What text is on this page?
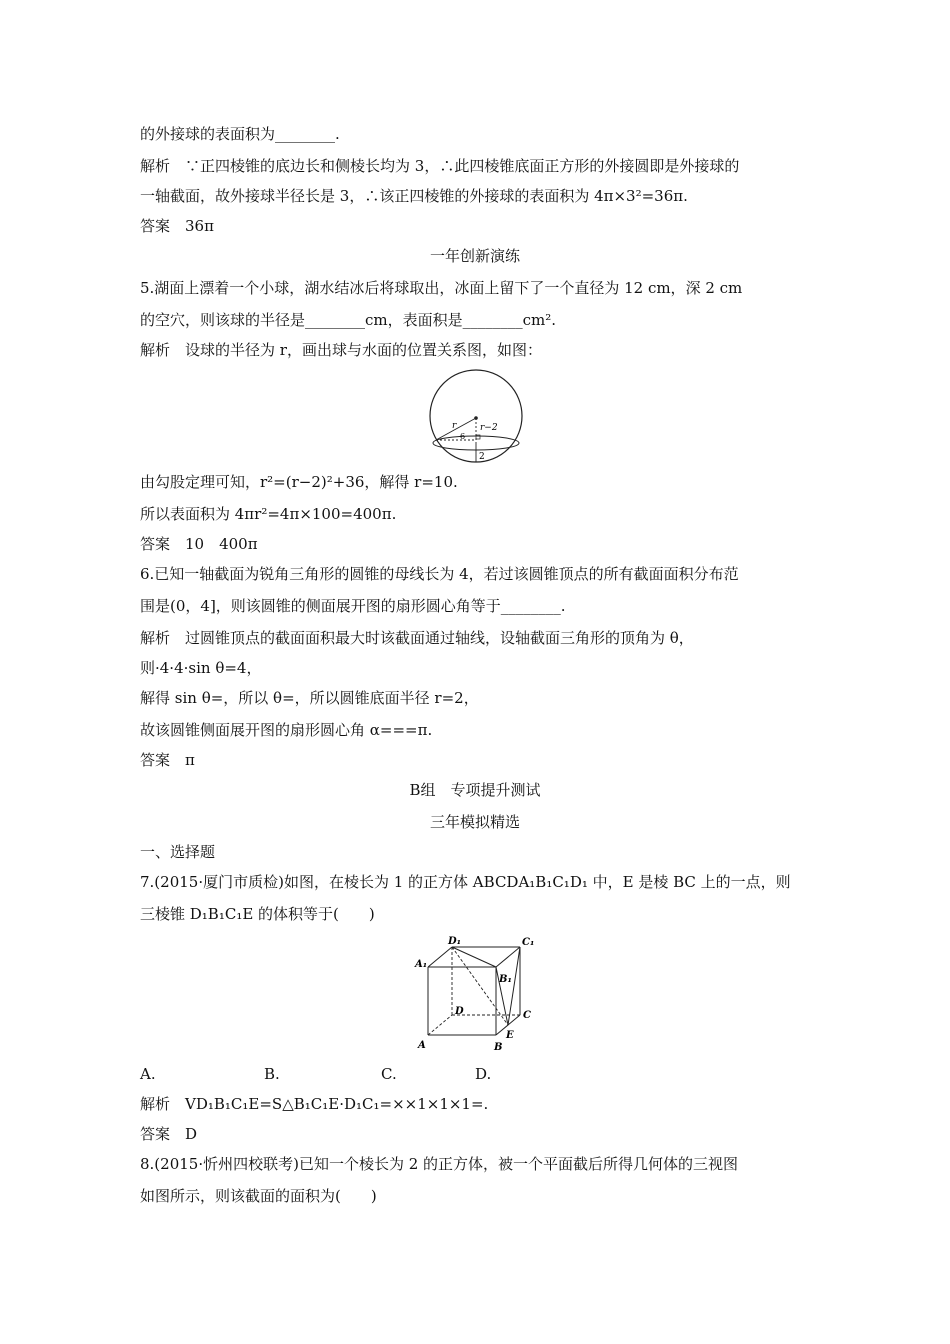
的外接球的表面积为________.
解析　∵正四棱锥的底边长和侧棱长均为 3，∴此四棱锥底面正方形的外接圆即是外接球的
一轴截面，故外接球半径长是 3，∴该正四棱锥的外接球的表面积为 4π×3²=36π.
答案　36π
一年创新演练
5.湖面上漂着一个小球，湖水结冰后将球取出，冰面上留下了一个直径为 12 cm，深 2 cm
的空穴，则该球的半径是________cm，表面积是________cm².
解析　设球的半径为 r，画出球与水面的位置关系图，如图：
r	r−2
6
2
由勾股定理可知，r²=(r−2)²+36，解得 r=10.
所以表面积为 4πr²=4π×100=400π.
答案　10　400π
6.已知一轴截面为锐角三角形的圆锥的母线长为 4，若过该圆锥顶点的所有截面面积分布范
围是(0，4]，则该圆锥的侧面展开图的扇形圆心角等于________.
解析　过圆锥顶点的截面面积最大时该截面通过轴线，设轴截面三角形的顶角为 θ，
则·4·4·sin θ=4，
解得 sin θ=，所以 θ=，所以圆锥底面半径 r=2，
故该圆锥侧面展开图的扇形圆心角 α===π.
答案　π
B组　专项提升测试
三年模拟精选
一、选择题
7.(2015·厦门市质检)如图，在棱长为 1 的正方体 ABCDA₁B₁C₁D₁ 中，E 是棱 BC 上的一点，则
三棱锥 D₁B₁C₁E 的体积等于(　　)
D₁	C₁
A₁
B₁
D	C
A	B
E
A.	B.	C.	D.
解析　VD₁B₁C₁E=S△B₁C₁E·D₁C₁=××1×1×1=.
答案　D
8.(2015·忻州四校联考)已知一个棱长为 2 的正方体，被一个平面截后所得几何体的三视图
如图所示，则该截面的面积为(　　)
